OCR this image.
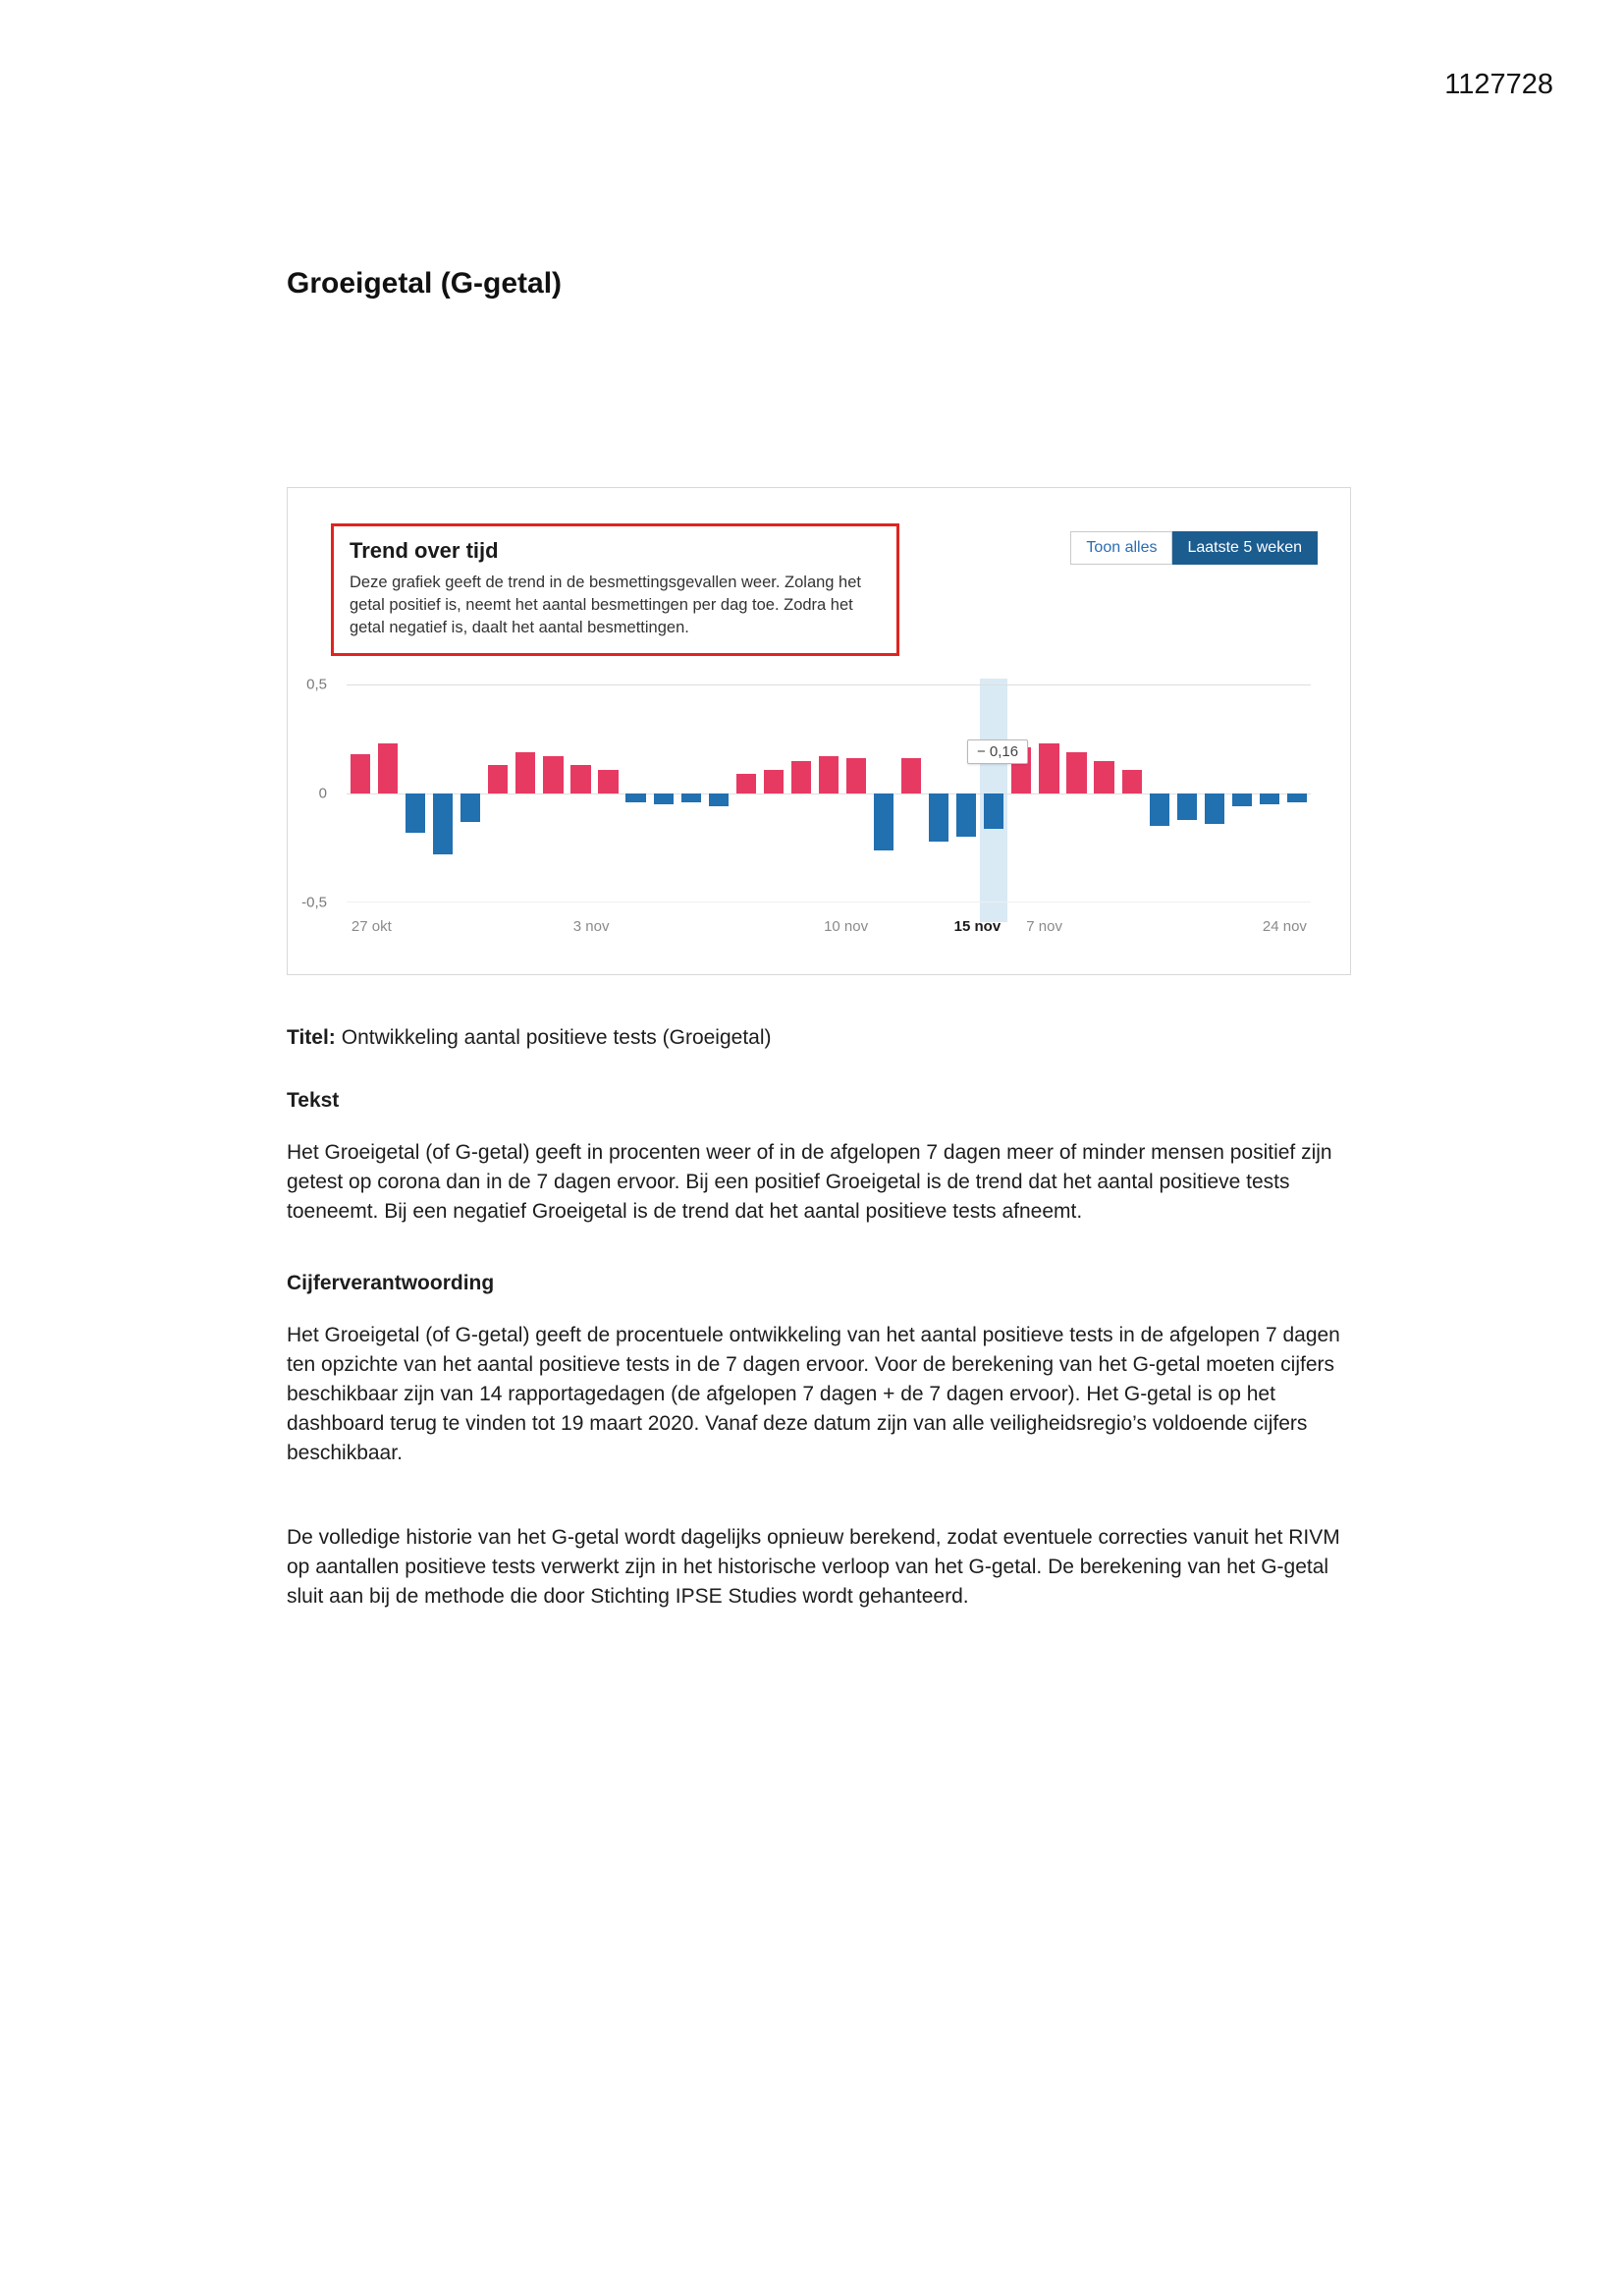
1127728
Groeigetal (G-getal)
Trend over tijd
Deze grafiek geeft de trend in de besmettingsgevallen weer. Zolang het getal positief is, neemt het aantal besmettingen per dag toe. Zodra het getal negatief is, daalt het aantal besmettingen.
Toon alles	Laatste 5 weken
0,5
0
-0,5
− 0,16
27 okt	3 nov	10 nov	15 nov 7 nov	24 nov
Titel: Ontwikkeling aantal positieve tests (Groeigetal)
Tekst

Het Groeigetal (of G-getal) geeft in procenten weer of in de afgelopen 7 dagen meer of minder mensen positief zijn getest op corona dan in de 7 dagen ervoor. Bij een positief Groeigetal is de trend dat het aantal positieve tests toeneemt. Bij een negatief Groeigetal is de trend dat het aantal positieve tests afneemt.

Cijferverantwoording

Het Groeigetal (of G-getal) geeft de procentuele ontwikkeling van het aantal positieve tests in de afgelopen 7 dagen ten opzichte van het aantal positieve tests in de 7 dagen ervoor. Voor de berekening van het G-getal moeten cijfers beschikbaar zijn van 14 rapportagedagen (de afgelopen 7 dagen + de 7 dagen ervoor). Het G-getal is op het dashboard terug te vinden tot 19 maart 2020. Vanaf deze datum zijn van alle veiligheidsregio’s voldoende cijfers beschikbaar.

De volledige historie van het G-getal wordt dagelijks opnieuw berekend, zodat eventuele correcties vanuit het RIVM op aantallen positieve tests verwerkt zijn in het historische verloop van het G-getal. De berekening van het G-getal sluit aan bij de methode die door Stichting IPSE Studies wordt gehanteerd.
